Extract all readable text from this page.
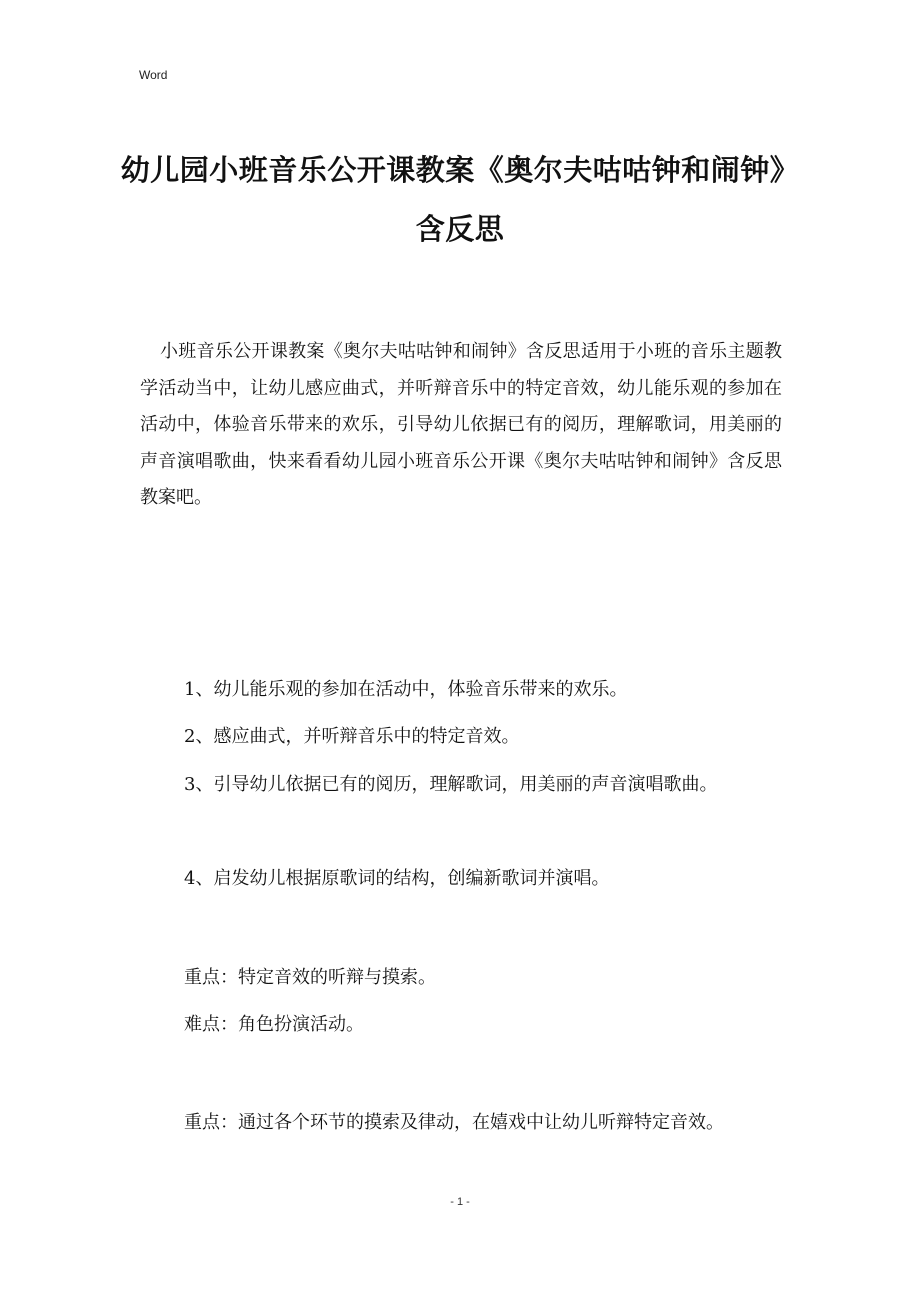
Word
幼儿园小班音乐公开课教案《奥尔夫咕咕钟和闹钟》含反思

小班音乐公开课教案《奥尔夫咕咕钟和闹钟》含反思适用于小班的音乐主题教学活动当中，让幼儿感应曲式，并听辩音乐中的特定音效，幼儿能乐观的参加在活动中，体验音乐带来的欢乐，引导幼儿依据已有的阅历，理解歌词，用美丽的声音演唱歌曲，快来看看幼儿园小班音乐公开课《奥尔夫咕咕钟和闹钟》含反思教案吧。

1、幼儿能乐观的参加在活动中，体验音乐带来的欢乐。

2、感应曲式，并听辩音乐中的特定音效。

3、引导幼儿依据已有的阅历，理解歌词，用美丽的声音演唱歌曲。

4、启发幼儿根据原歌词的结构，创编新歌词并演唱。

重点：特定音效的听辩与摸索。

难点：角色扮演活动。

重点：通过各个环节的摸索及律动，在嬉戏中让幼儿听辩特定音效。

- 1 -
